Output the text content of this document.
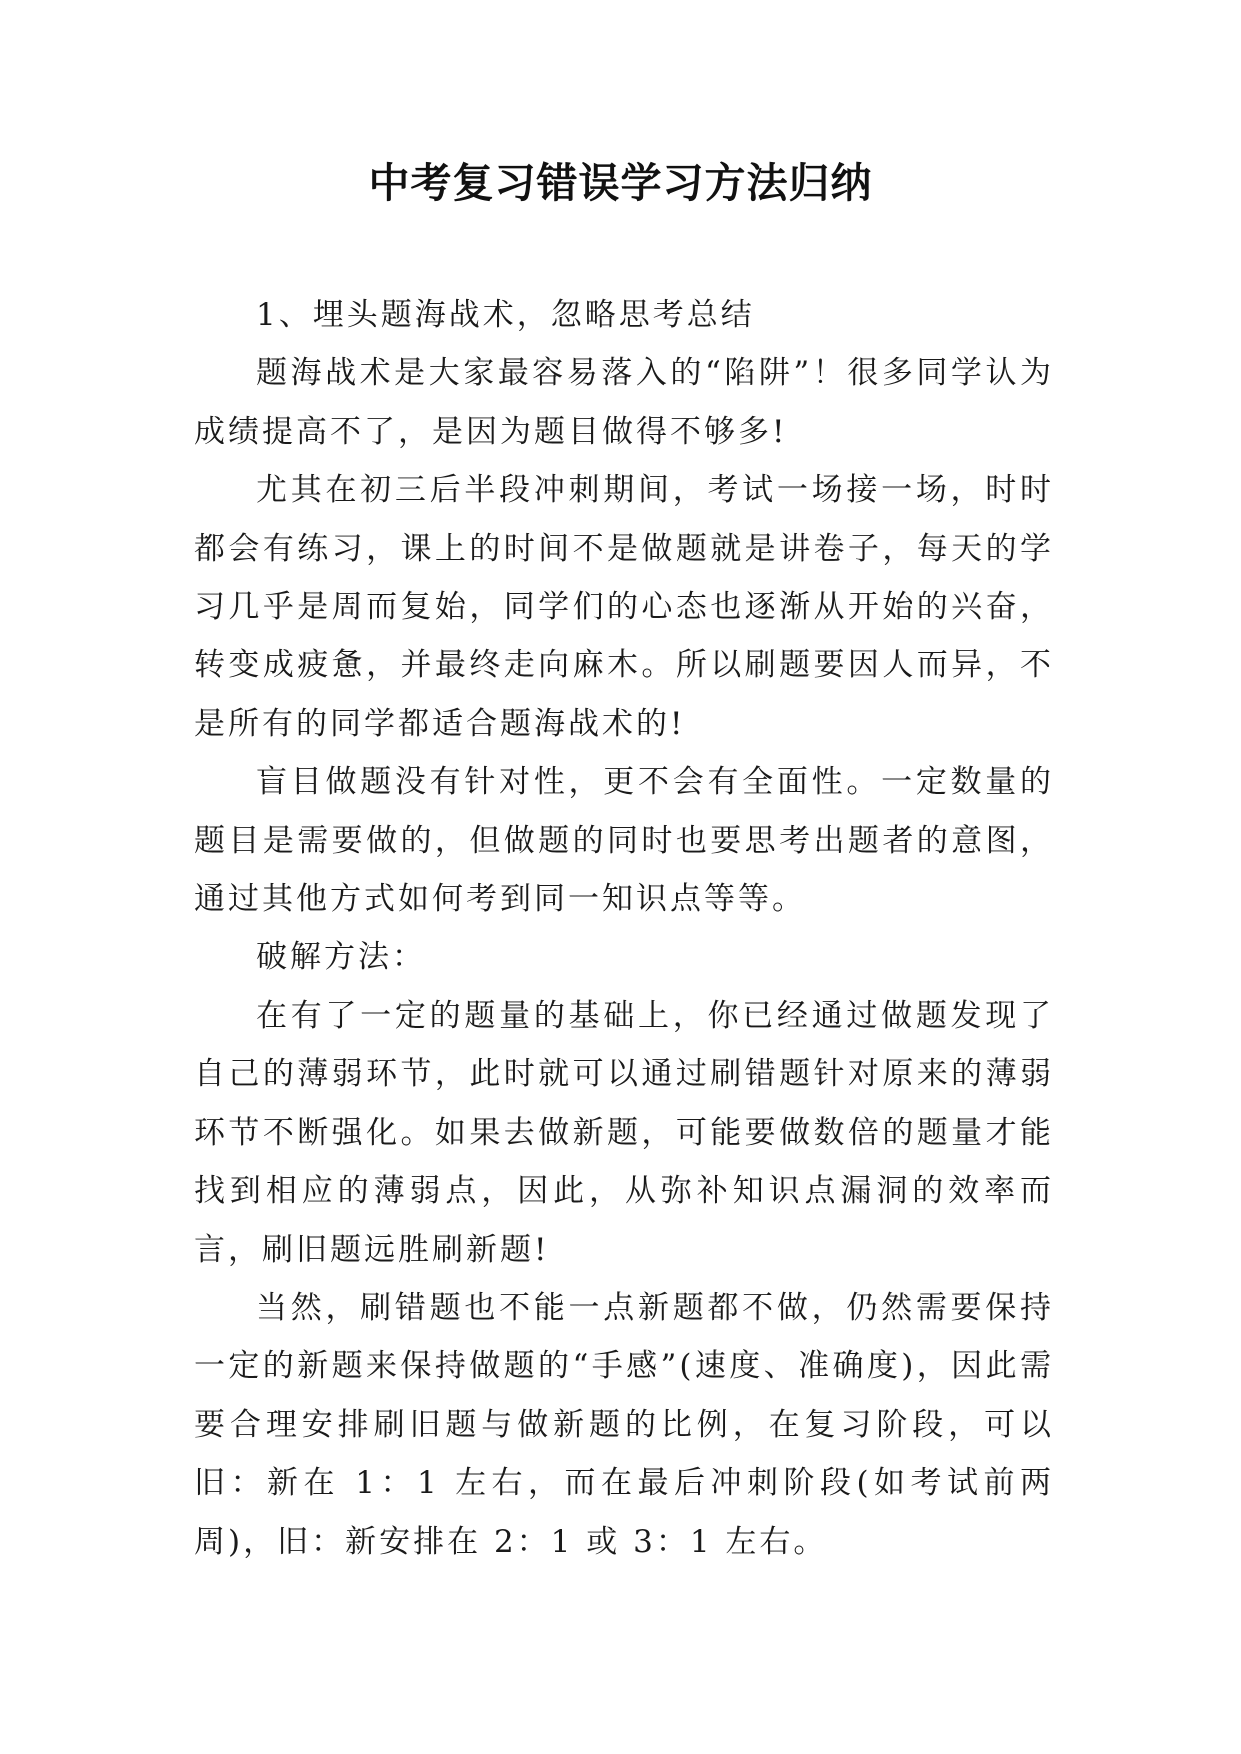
中考复习错误学习方法归纳

1、埋头题海战术，忽略思考总结

题海战术是大家最容易落入的“陷阱”！很多同学认为成绩提高不了，是因为题目做得不够多!

尤其在初三后半段冲刺期间，考试一场接一场，时时都会有练习，课上的时间不是做题就是讲卷子，每天的学习几乎是周而复始，同学们的心态也逐渐从开始的兴奋，转变成疲惫，并最终走向麻木。所以刷题要因人而异，不是所有的同学都适合题海战术的!

盲目做题没有针对性，更不会有全面性。一定数量的题目是需要做的，但做题的同时也要思考出题者的意图，通过其他方式如何考到同一知识点等等。

破解方法：

在有了一定的题量的基础上，你已经通过做题发现了自己的薄弱环节，此时就可以通过刷错题针对原来的薄弱环节不断强化。如果去做新题，可能要做数倍的题量才能找到相应的薄弱点，因此，从弥补知识点漏洞的效率而言，刷旧题远胜刷新题!

当然，刷错题也不能一点新题都不做，仍然需要保持一定的新题来保持做题的“手感”(速度、准确度)，因此需要合理安排刷旧题与做新题的比例，在复习阶段，可以旧：新在 1：1 左右，而在最后冲刺阶段(如考试前两周)，旧：新安排在 2：1 或 3：1 左右。
